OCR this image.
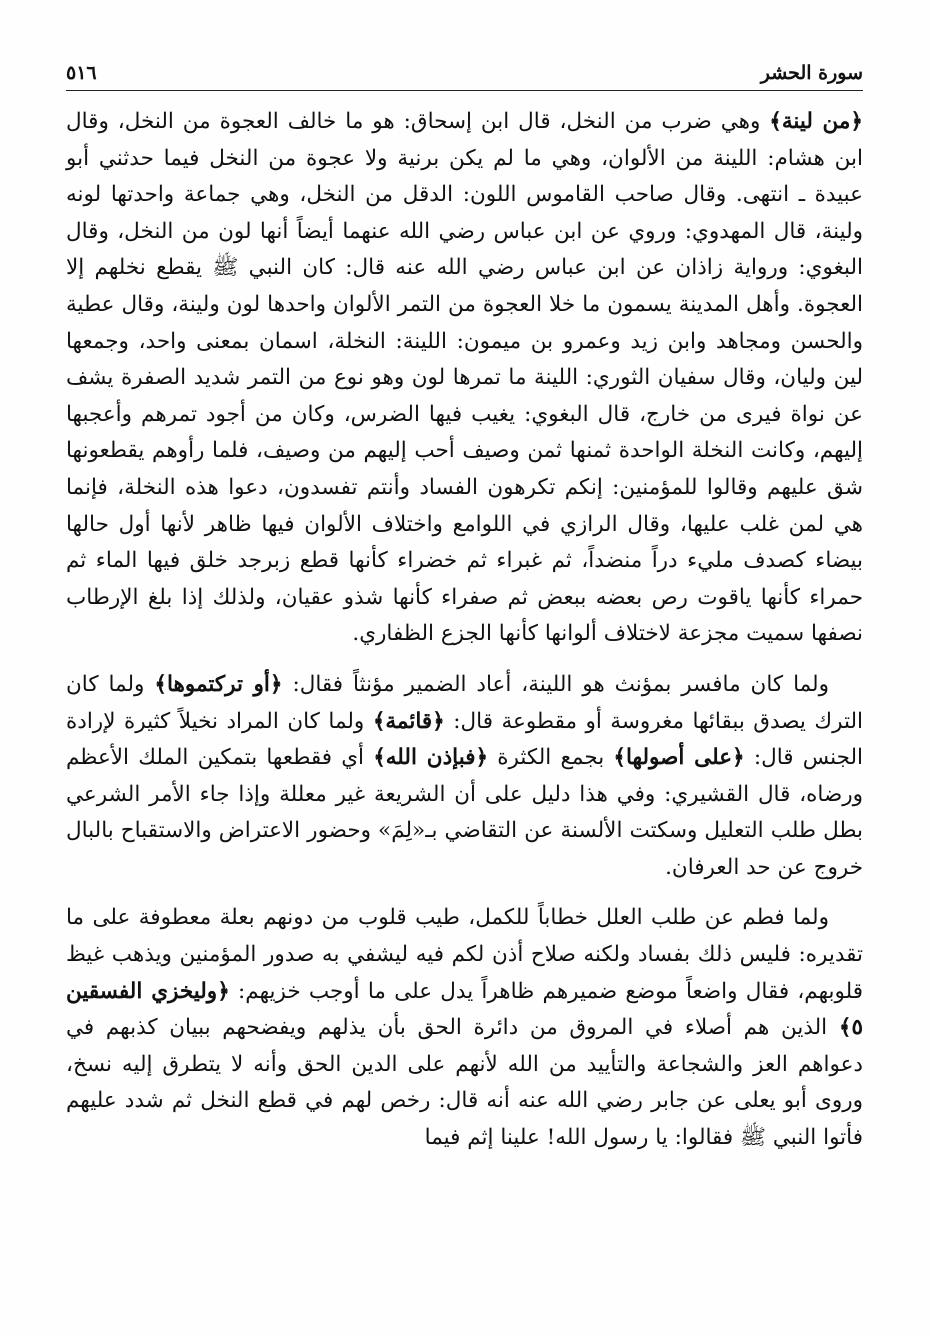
سورة الحشر
٥١٦

﴿من لينة﴾ وهي ضرب من النخل، قال ابن إسحاق: هو ما خالف العجوة من النخل، وقال ابن هشام: اللينة من الألوان، وهي ما لم يكن برنية ولا عجوة من النخل فيما حدثني أبو عبيدة ـ انتهى. وقال صاحب القاموس اللون: الدقل من النخل، وهي جماعة واحدتها لونه ولينة، قال المهدوي: وروي عن ابن عباس رضي الله عنهما أيضاً أنها لون من النخل، وقال البغوي: ورواية زاذان عن ابن عباس رضي الله عنه قال: كان النبي ﷺ يقطع نخلهم إلا العجوة. وأهل المدينة يسمون ما خلا العجوة من التمر الألوان واحدها لون ولينة، وقال عطية والحسن ومجاهد وابن زيد وعمرو بن ميمون: اللينة: النخلة، اسمان بمعنى واحد، وجمعها لين وليان، وقال سفيان الثوري: اللينة ما تمرها لون وهو نوع من التمر شديد الصفرة يشف عن نواة فيرى من خارج، قال البغوي: يغيب فيها الضرس، وكان من أجود تمرهم وأعجبها إليهم، وكانت النخلة الواحدة ثمنها ثمن وصيف أحب إليهم من وصيف، فلما رأوهم يقطعونها شق عليهم وقالوا للمؤمنين: إنكم تكرهون الفساد وأنتم تفسدون، دعوا هذه النخلة، فإنما هي لمن غلب عليها، وقال الرازي في اللوامع واختلاف الألوان فيها ظاهر لأنها أول حالها بيضاء كصدف مليء دراً منضداً، ثم غبراء ثم خضراء كأنها قطع زبرجد خلق فيها الماء ثم حمراء كأنها ياقوت رص بعضه ببعض ثم صفراء كأنها شذو عقيان، ولذلك إذا بلغ الإرطاب نصفها سميت مجزعة لاختلاف ألوانها كأنها الجزع الظفاري.

ولما كان مافسر بمؤنث هو اللينة، أعاد الضمير مؤنثاً فقال: ﴿أو تركتموها﴾ ولما كان الترك يصدق ببقائها مغروسة أو مقطوعة قال: ﴿قائمة﴾ ولما كان المراد نخيلاً كثيرة لإرادة الجنس قال: ﴿على أصولها﴾ بجمع الكثرة ﴿فبإذن الله﴾ أي فقطعها بتمكين الملك الأعظم ورضاه، قال القشيري: وفي هذا دليل على أن الشريعة غير معللة وإذا جاء الأمر الشرعي بطل طلب التعليل وسكتت الألسنة عن التقاضي بـ«لِمَ» وحضور الاعتراض والاستقباح بالبال خروج عن حد العرفان.

ولما فطم عن طلب العلل خطاباً للكمل، طيب قلوب من دونهم بعلة معطوفة على ما تقديره: فليس ذلك بفساد ولكنه صلاح أذن لكم فيه ليشفي به صدور المؤمنين ويذهب غيظ قلوبهم، فقال واضعاً موضع ضميرهم ظاهراً يدل على ما أوجب خزيهم: ﴿وليخزي الفسقين ٥﴾ الذين هم أصلاء في المروق من دائرة الحق بأن يذلهم ويفضحهم ببيان كذبهم في دعواهم العز والشجاعة والتأييد من الله لأنهم على الدين الحق وأنه لا يتطرق إليه نسخ، وروى أبو يعلى عن جابر رضي الله عنه أنه قال: رخص لهم في قطع النخل ثم شدد عليهم فأتوا النبي ﷺ فقالوا: يا رسول الله! علينا إثم فيما
